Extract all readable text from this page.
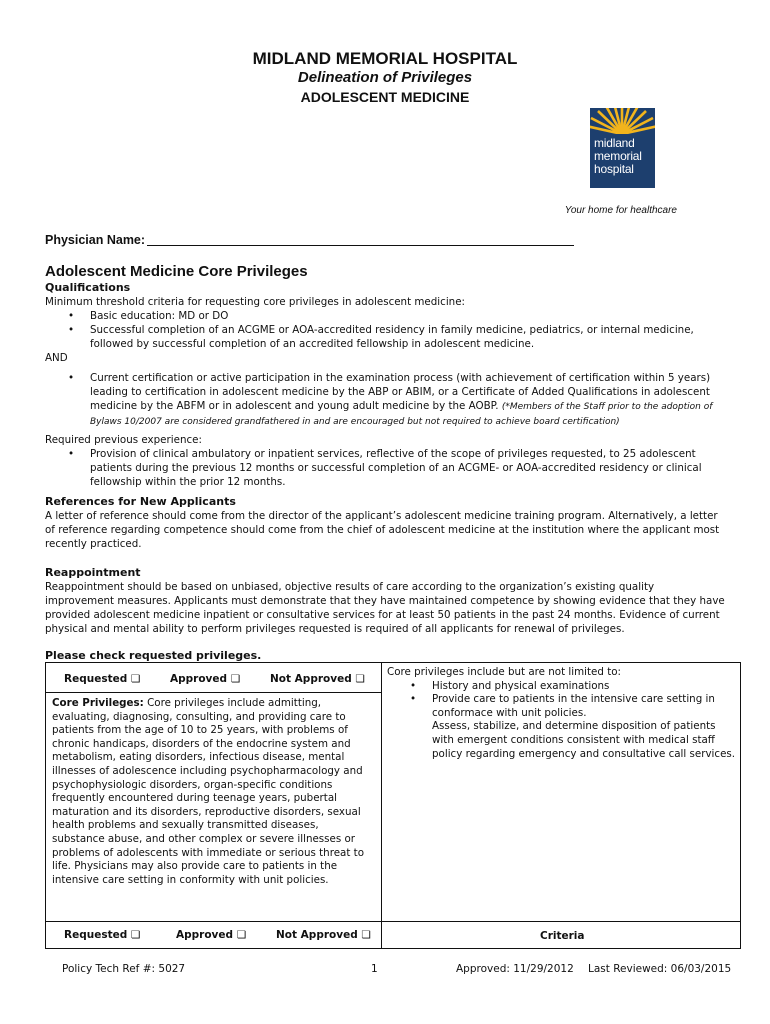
MIDLAND MEMORIAL HOSPITAL
Delineation of Privileges
ADOLESCENT MEDICINE
midland
memorial
hospital
Your home for healthcare
Physician Name:
Adolescent Medicine Core Privileges
Qualifications
Minimum threshold criteria for requesting core privileges in adolescent medicine:
• Basic education: MD or DO
• Successful completion of an ACGME or AOA-accredited residency in family medicine, pediatrics, or internal medicine, followed by successful completion of an accredited fellowship in adolescent medicine.
AND
• Current certification or active participation in the examination process (with achievement of certification within 5 years) leading to certification in adolescent medicine by the ABP or ABIM, or a Certificate of Added Qualifications in adolescent medicine by the ABFM or in adolescent and young adult medicine by the AOBP. (*Members of the Staff prior to the adoption of Bylaws 10/2007 are considered grandfathered in and are encouraged but not required to achieve board certification)
Required previous experience:
• Provision of clinical ambulatory or inpatient services, reflective of the scope of privileges requested, to 25 adolescent patients during the previous 12 months or successful completion of an ACGME- or AOA-accredited residency or clinical fellowship within the prior 12 months.
References for New Applicants
A letter of reference should come from the director of the applicant’s adolescent medicine training program. Alternatively, a letter of reference regarding competence should come from the chief of adolescent medicine at the institution where the applicant most recently practiced.
Reappointment
Reappointment should be based on unbiased, objective results of care according to the organization’s existing quality improvement measures. Applicants must demonstrate that they have maintained competence by showing evidence that they have provided adolescent medicine inpatient or consultative services for at least 50 patients in the past 24 months. Evidence of current physical and mental ability to perform privileges requested is required of all applicants for renewal of privileges.
Please check requested privileges.
Requested ❏	Approved ❏	Not Approved ❏
Core Privileges: Core privileges include admitting, evaluating, diagnosing, consulting, and providing care to patients from the age of 10 to 25 years, with problems of chronic handicaps, disorders of the endocrine system and metabolism, eating disorders, infectious disease, mental illnesses of adolescence including psychopharmacology and psychophysiologic disorders, organ-specific conditions frequently encountered during teenage years, pubertal maturation and its disorders, reproductive disorders, sexual health problems and sexually transmitted diseases, substance abuse, and other complex or severe illnesses or problems of adolescents with immediate or serious threat to life. Physicians may also provide care to patients in the intensive care setting in conformity with unit policies.
Core privileges include but are not limited to:
• History and physical examinations
• Provide care to patients in the intensive care setting in conformace with unit policies.
Assess, stabilize, and determine disposition of patients with emergent conditions consistent with medical staff policy regarding emergency and consultative call services.
Requested ❏	Approved ❏	Not Approved ❏	Criteria
Policy Tech Ref #: 5027	1	Approved: 11/29/2012 Last Reviewed: 06/03/2015
